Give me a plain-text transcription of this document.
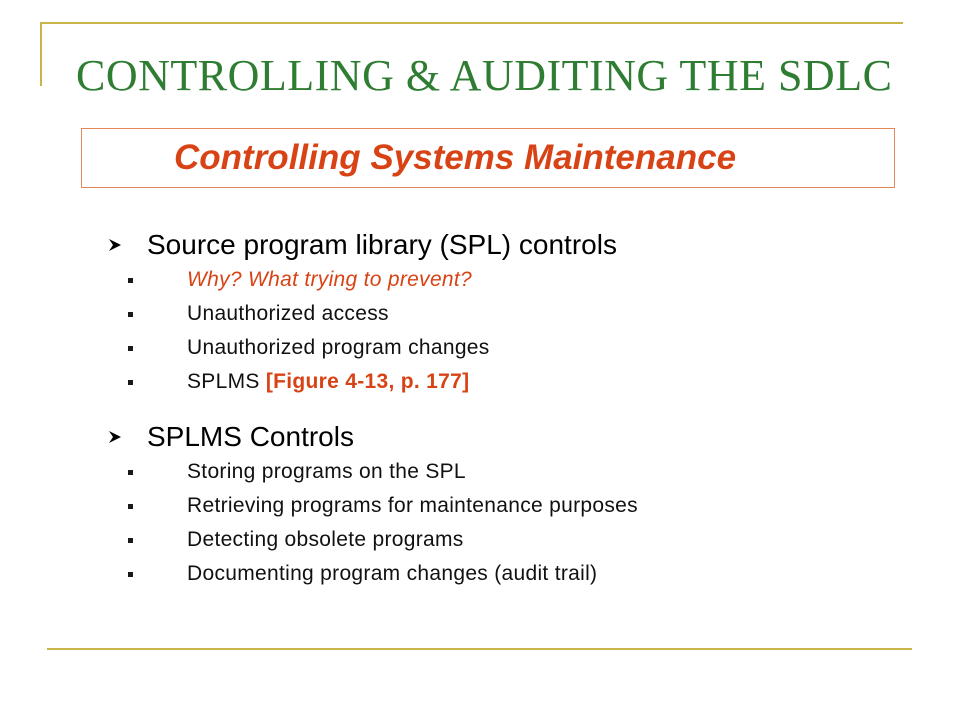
CONTROLLING & AUDITING THE SDLC
Controlling Systems Maintenance
Source program library (SPL) controls
Why? What trying to prevent?
Unauthorized access
Unauthorized program changes
SPLMS [Figure 4-13, p. 177]
SPLMS Controls
Storing programs on the SPL
Retrieving programs for maintenance purposes
Detecting obsolete programs
Documenting program changes (audit trail)
